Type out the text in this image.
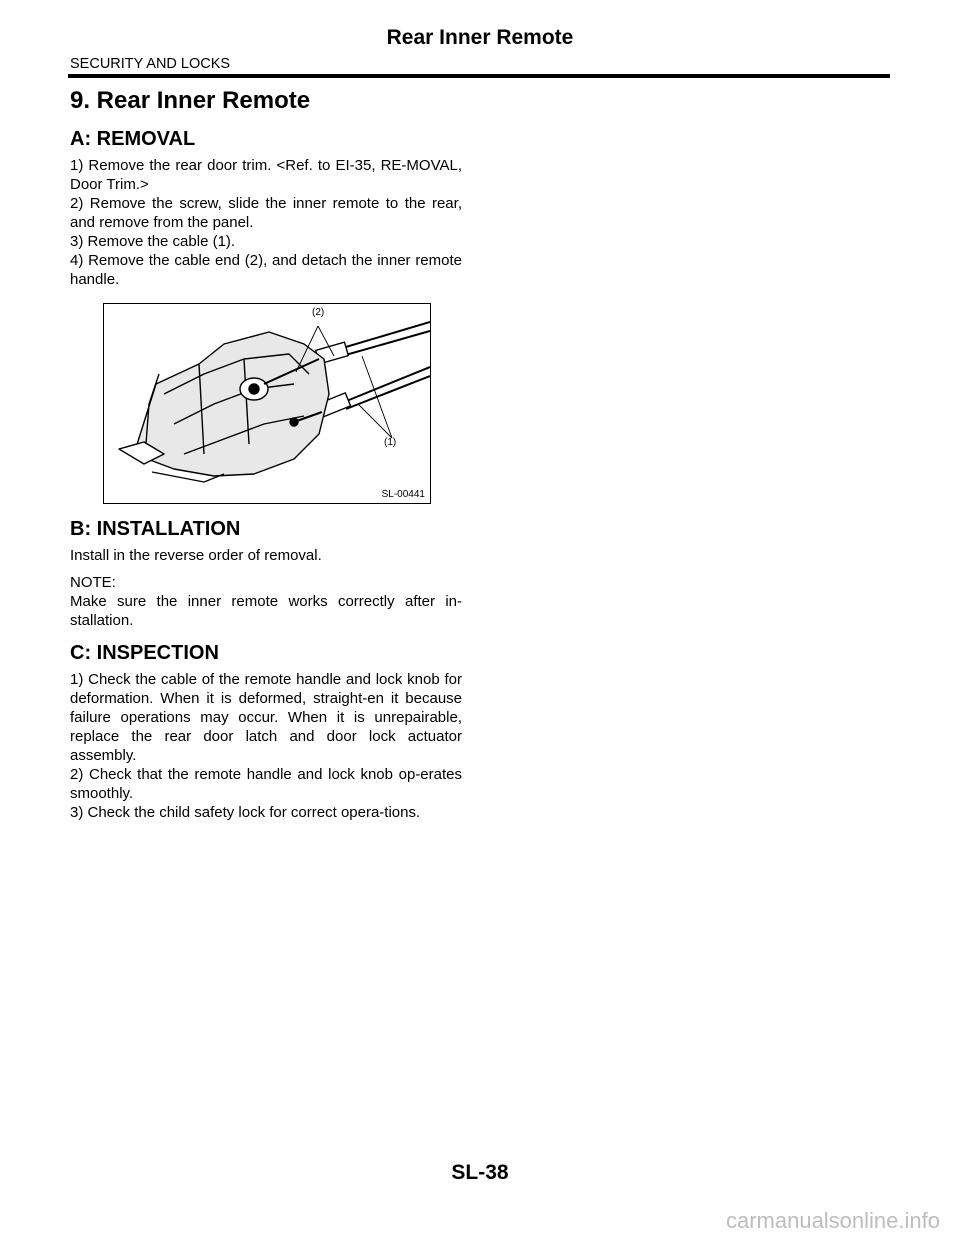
Rear Inner Remote
SECURITY AND LOCKS
9. Rear Inner Remote
A: REMOVAL

1) Remove the rear door trim. <Ref. to EI-35, RE-MOVAL, Door Trim.>

2) Remove the screw, slide the inner remote to the rear, and remove from the panel.

3) Remove the cable (1).

4) Remove the cable end (2), and detach the inner remote handle.

(2)
(1)
SL-00441
B: INSTALLATION

Install in the reverse order of removal.

NOTE:

Make sure the inner remote works correctly after in-stallation.

C: INSPECTION

1) Check the cable of the remote handle and lock knob for deformation. When it is deformed, straight-en it because failure operations may occur. When it is unrepairable, replace the rear door latch and door lock actuator assembly.

2) Check that the remote handle and lock knob op-erates smoothly.

3) Check the child safety lock for correct opera-tions.

SL-38
carmanualsonline.info
